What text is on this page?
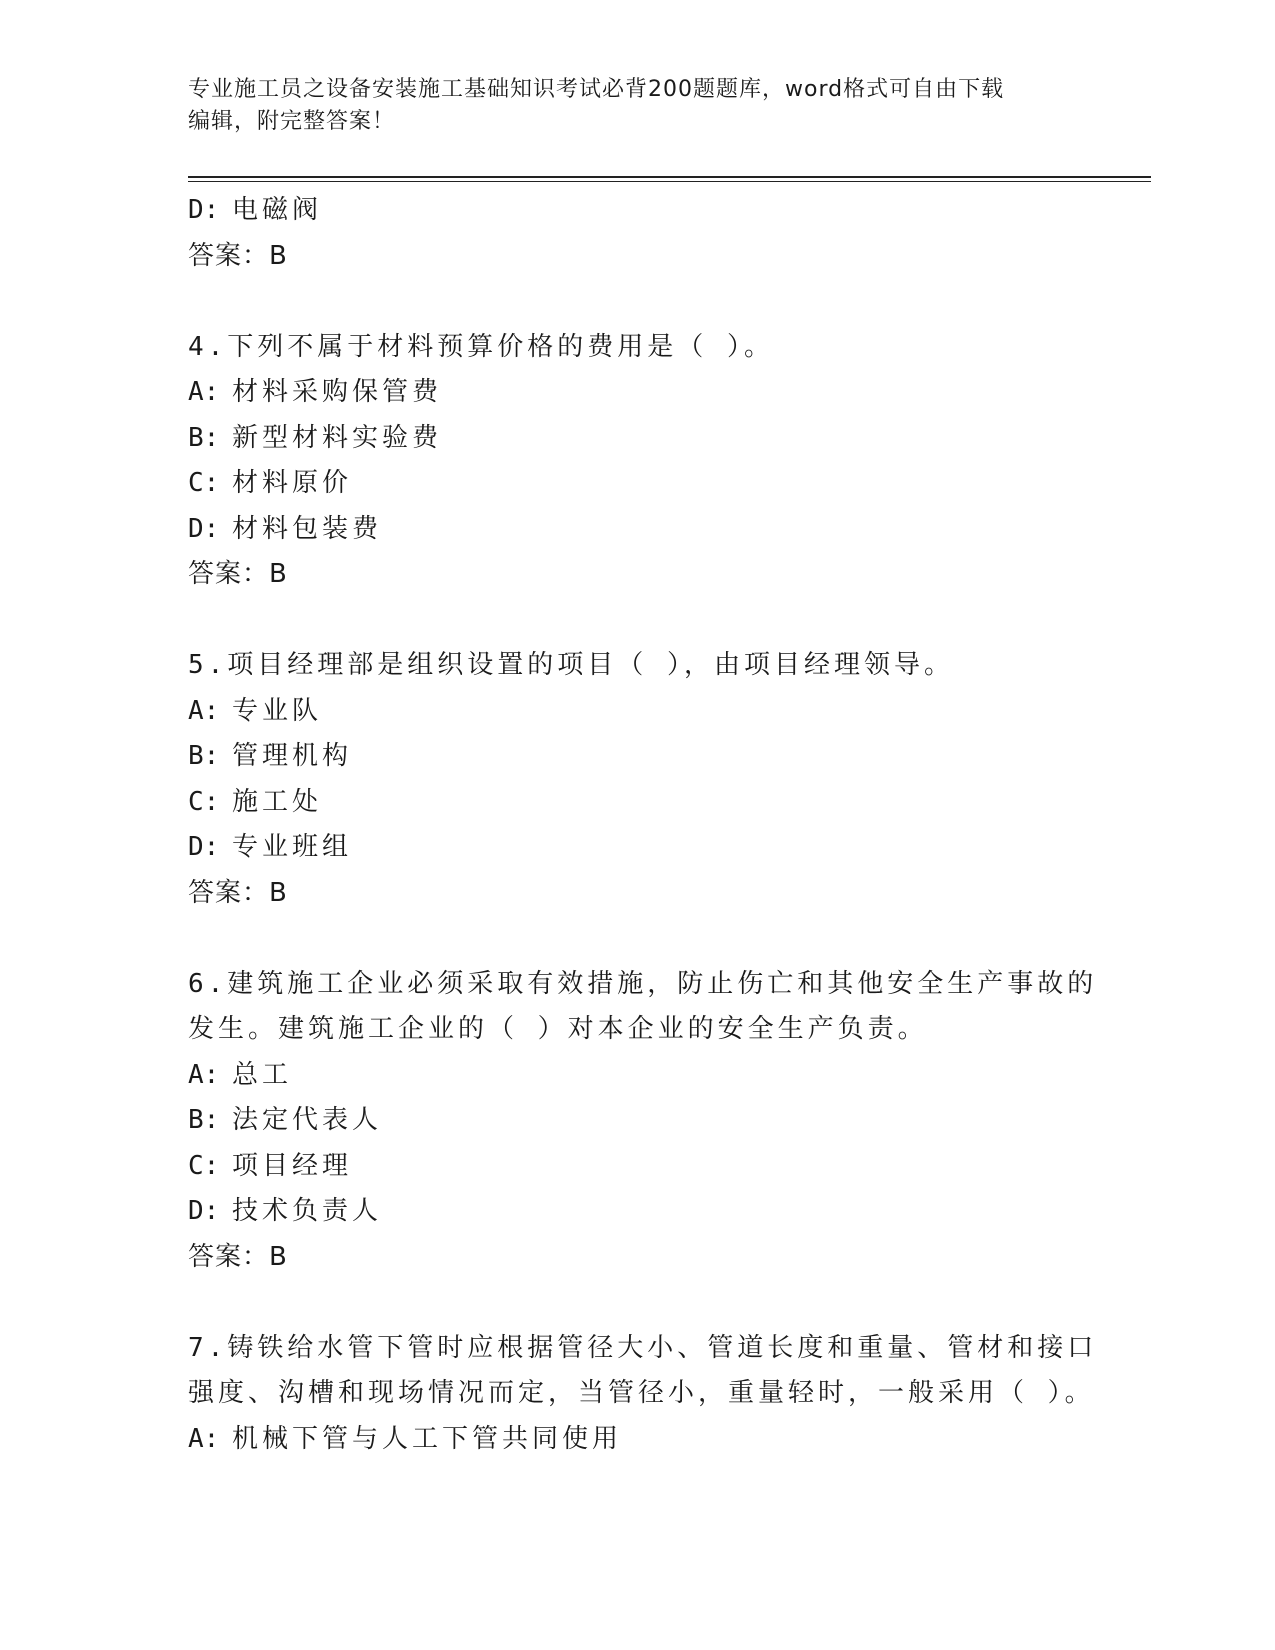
专业施工员之设备安装施工基础知识考试必背200题题库，word格式可自由下载
编辑，附完整答案！
D: 电磁阀
答案：B
4.下列不属于材料预算价格的费用是（ ）。
A: 材料采购保管费
B: 新型材料实验费
C: 材料原价
D: 材料包装费
答案：B
5.项目经理部是组织设置的项目（ ），由项目经理领导。
A: 专业队
B: 管理机构
C: 施工处
D: 专业班组
答案：B
6.建筑施工企业必须采取有效措施，防止伤亡和其他安全生产事故的
发生。建筑施工企业的（ ）对本企业的安全生产负责。
A: 总工
B: 法定代表人
C: 项目经理
D: 技术负责人
答案：B
7.铸铁给水管下管时应根据管径大小、管道长度和重量、管材和接口
强度、沟槽和现场情况而定，当管径小，重量轻时，一般采用（ ）。
A: 机械下管与人工下管共同使用
